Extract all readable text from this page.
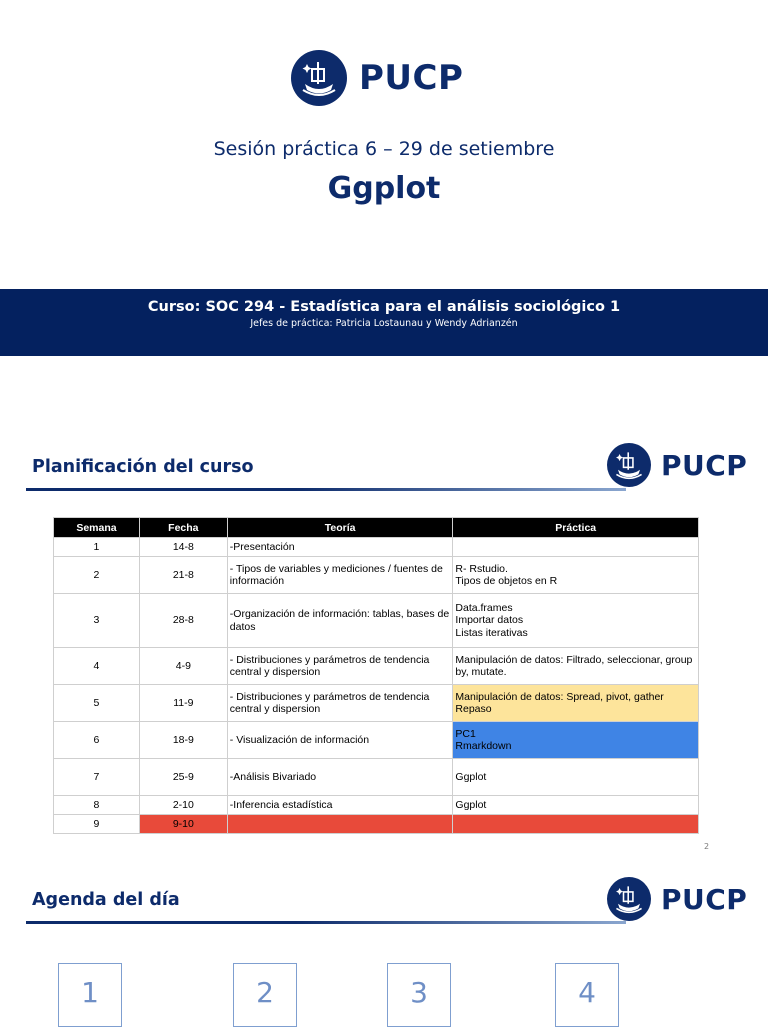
PUCP
Sesión práctica 6 – 29 de setiembre
Ggplot
Curso: SOC 294 - Estadística para el análisis sociológico 1
Jefes de práctica: Patricia Lostaunau y Wendy Adrianzén
Planificación del curso	PUCP
Semana	Fecha	Teoría	Práctica
1	14-8	-Presentación	
2	21-8	- Tipos de variables y mediciones / fuentes de información	R- Rstudio.
Tipos de objetos en R

3	28-8	-Organización de información: tablas, bases de datos	Data.frames
Importar datos
Listas iterativas

4	4-9	- Distribuciones y parámetros de tendencia central y dispersion	Manipulación de datos: Filtrado, seleccionar, group by, mutate.

5	11-9	- Distribuciones y parámetros de tendencia central y dispersion	Manipulación de datos: Spread, pivot, gather
Repaso

6	18-9	- Visualización de información	PC1
Rmarkdown

7	25-9	-Análisis Bivariado	Ggplot

8	2-10	-Inferencia estadística	Ggplot

9	9-10		
2
Agenda del día	PUCP
1	2	3	4
